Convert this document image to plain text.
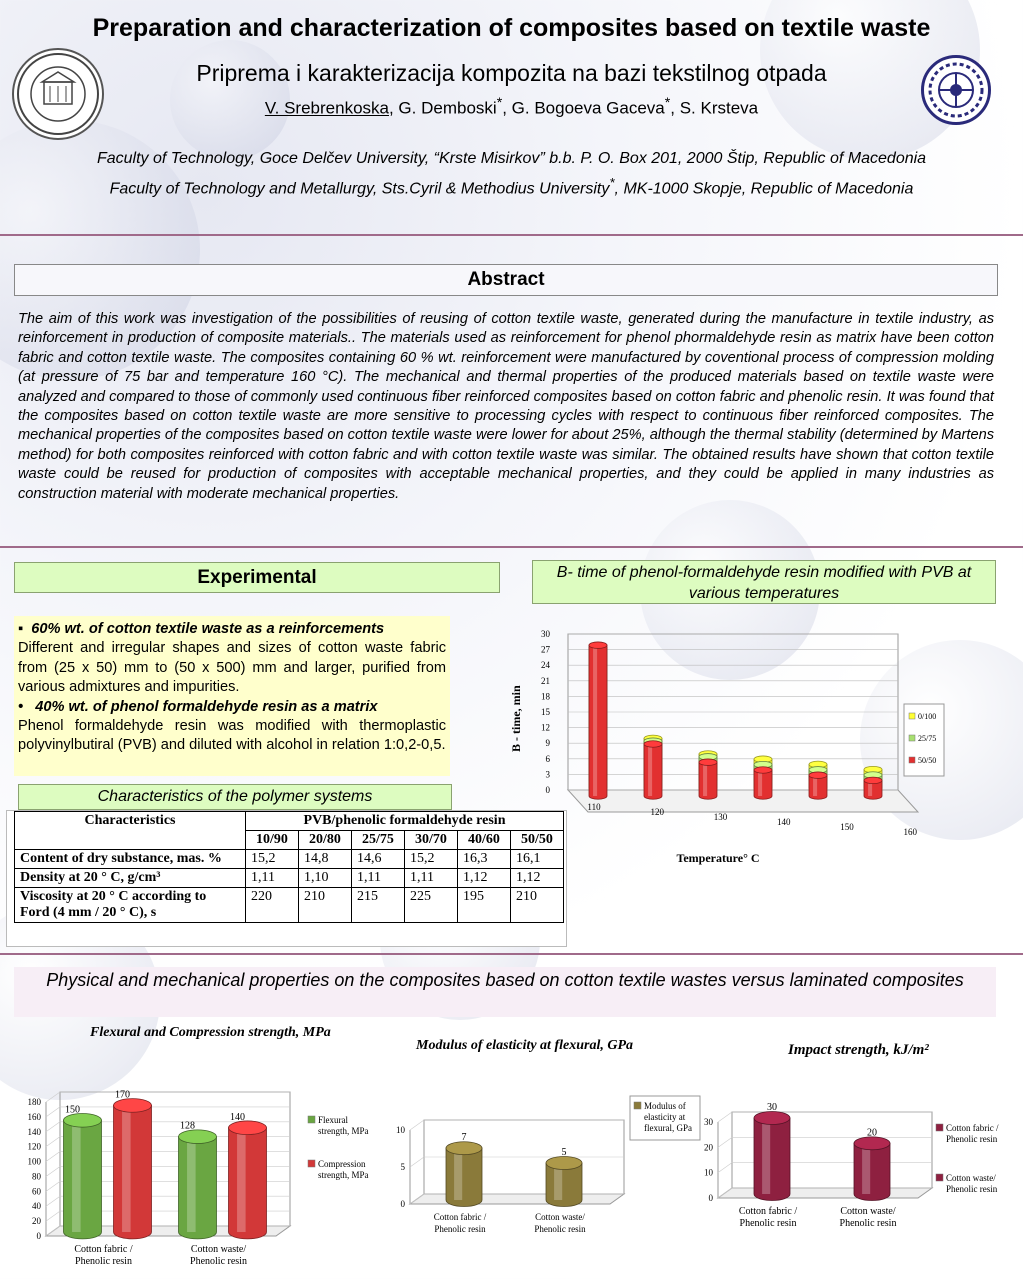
Preparation and characterization of composites based on textile waste
Priprema i karakterizacija kompozita na bazi tekstilnog otpada
V. Srebrenkoska, G. Demboski*, G. Bogoeva Gaceva*, S. Krsteva
Faculty of Technology, Goce Delčev University, “Krste Misirkov” b.b. P. O. Box 201, 2000 Štip, Republic of Macedonia
Faculty of Technology and Metallurgy, Sts.Cyril & Methodius University*, MK-1000 Skopje, Republic of Macedonia
Abstract
The aim of this work was investigation of the possibilities of reusing of cotton textile waste, generated during the manufacture in textile industry, as reinforcement in production of composite materials.. The materials used as reinforcement for phenol phormaldehyde resin as matrix have been cotton fabric and cotton textile waste. The composites containing 60 % wt. reinforcement were manufactured by coventional process of compression molding (at pressure of 75 bar and temperature 160 °C). The mechanical and thermal properties of the produced materials based on textile waste were analyzed and compared to those of commonly used continuous fiber reinforced composites based on cotton fabric and phenolic resin. It was found that the composites based on cotton textile waste are more sensitive to processing cycles with respect to continuous fiber reinforced composites. The mechanical properties of the composites based on cotton textile waste were lower for about 25%, although the thermal stability (determined by Martens method) for both composites reinforced with cotton fabric and with cotton textile waste was similar. The obtained results have shown that cotton textile waste could be reused for production of composites with acceptable mechanical properties, and they could be applied in many industries as construction material with moderate mechanical properties.
Experimental
▪  60% wt. of cotton textile waste as a reinforcements
Different and irregular shapes and sizes of cotton waste fabric from (25 x 50) mm to (50 x 500) mm and larger, purified from various admixtures and impurities.
•   40% wt. of phenol formaldehyde resin as a matrix
Phenol formaldehyde resin was modified with thermoplastic polyvinylbutiral (PVB) and diluted with alcohol in relation 1:0,2-0,5.
Characteristics of the polymer systems
Characteristics	PVB/phenolic formaldehyde resin					
	10/90	20/80	25/75	30/70	40/60	50/50
Content of dry substance, mas. %	15,2	14,8	14,6	15,2	16,3	16,1
Density at 20 ° C, g/cm³	1,11	1,10	1,11	1,11	1,12	1,12
Viscosity at 20 ° C according to
Ford (4 mm / 20 ° C), s	220	210	215	225	195	210
B- time of phenol-formaldehyde resin modified with PVB at various temperatures
0
3
6
9
12
15
18
21
24
27
30
B - time, min
110	120	130	140	150	160
Temperature° C
0/100
25/75
50/50
Physical and mechanical properties on the composites based on cotton textile wastes versus laminated composites
Flexural and Compression strength, MPa
0
20
40
60
80
100
120
140
160
180
150
170
Cotton fabric /
Phenolic resin
128
140
Cotton waste/
Phenolic resin
Flexural
strength, MPa
Compression
strength, MPa
Modulus of elasticity at flexural, GPa
0
5
10
7
Cotton fabric /
Phenolic resin
5
Cotton waste/
Phenolic resin
Modulus of
elasticity at
flexural, GPa
Impact strength, kJ/m²
0
10
20
30
30
Cotton fabric /
Phenolic resin
20
Cotton waste/
Phenolic resin
Cotton fabric /
Phenolic resin
Cotton waste/
Phenolic resin
